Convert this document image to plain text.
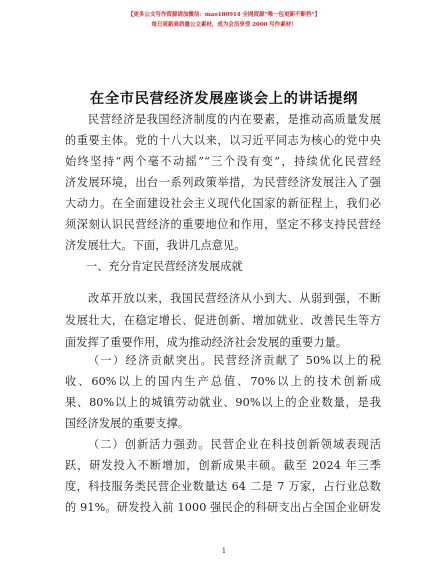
【更多公文写作资源请加微信：mao180914 全网资源”唯一包更新不断档”】
每日更新高质量公文素材，成为会员享受 2000 写作素材！
在全市民营经济发展座谈会上的讲话提纲
民营经济是我国经济制度的内在要素，是推动高质量发展
的重要主体。党的十八大以来，以习近平同志为核心的党中央
始终坚持“两个毫不动摇”“三个没有变”，持续优化民营经
济发展环境，出台一系列政策举措，为民营经济发展注入了强
大动力。在全面建设社会主义现代化国家的新征程上，我们必
须深刻认识民营经济的重要地位和作用，坚定不移支持民营经
济发展壮大。下面，我讲几点意见。
一、充分肯定民营经济发展成就
改革开放以来，我国民营经济从小到大、从弱到强，不断
发展壮大，在稳定增长、促进创新、增加就业、改善民生等方
面发挥了重要作用，成为推动经济社会发展的重要力量。
（一）经济贡献突出。民营经济贡献了 50%以上的税
收、60%以上的国内生产总值、70%以上的技术创新成
果、80%以上的城镇劳动就业、90%以上的企业数量，是我
国经济发展的重要支撑。
（二）创新活力强劲。民营企业在科技创新领域表现活
跃，研发投入不断增加，创新成果丰硕。截至 2024 年三季
度，科技服务类民营企业数量达 64 二是 7 万家，占行业总数
的 91%。研发投入前 1000 强民企的科研支出占全国企业研发
1
